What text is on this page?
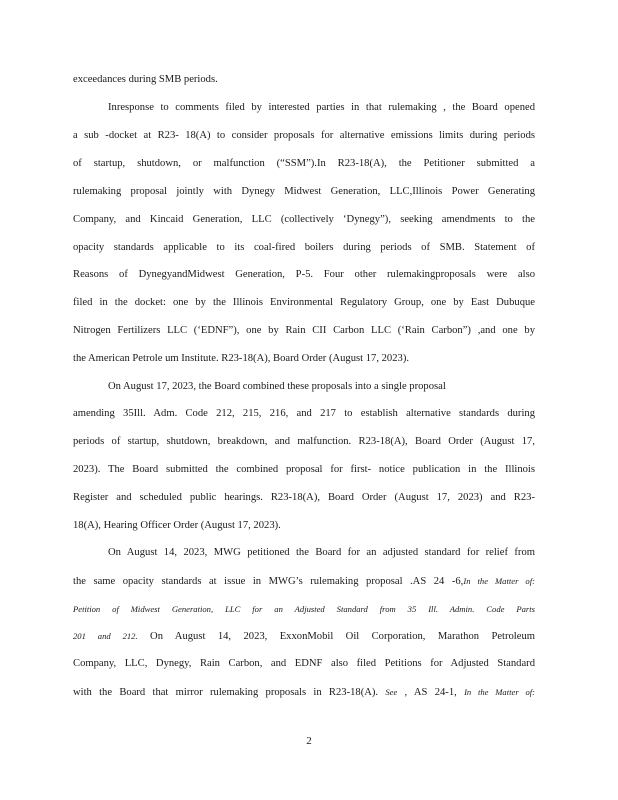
exceedances during SMB periods.
Inresponse to comments filed by interested parties in that rulemaking , the Board opened
a sub -docket at R23- 18(A) to consider proposals for alternative emissions limits during periods
of startup, shutdown, or malfunction (“SSM”).In R23-18(A), the Petitioner submitted a
rulemaking proposal jointly with Dynegy Midwest Generation, LLC,Illinois Power Generating
Company, and Kincaid Generation, LLC (collectively ‘Dynegy”), seeking amendments to the
opacity standards applicable to its coal-fired boilers during periods of SMB. Statement of
Reasons of DynegyandMidwest Generation, P-5. Four other rulemakingproposals were also
filed in the docket: one by the Illinois Environmental Regulatory Group, one by East Dubuque
Nitrogen Fertilizers LLC (‘EDNF”), one by Rain CII Carbon LLC (‘Rain Carbon”) ,and one by
the American Petrole um Institute. R23-18(A), Board Order (August 17, 2023).
On August 17, 2023, the Board combined these proposals into a single proposal
amending 35Ill. Adm. Code 212, 215, 216, and 217 to establish alternative standards during
periods of startup, shutdown, breakdown, and malfunction. R23-18(A), Board Order (August 17,
2023). The Board submitted the combined proposal for first- notice publication in the Illinois
Register and scheduled public hearings. R23-18(A), Board Order (August 17, 2023) and R23-
18(A), Hearing Officer Order (August 17, 2023).
On August 14, 2023, MWG petitioned the Board for an adjusted standard for relief from
the same opacity standards at issue in MWG’s rulemaking proposal .AS 24 -6,In the Matter of:
Petition of Midwest Generation, LLC for an Adjusted Standard from 35 Ill. Admin. Code Parts
201 and 212. On August 14, 2023, ExxonMobil Oil Corporation, Marathon Petroleum
Company, LLC, Dynegy, Rain Carbon, and EDNF also filed Petitions for Adjusted Standard
with the Board that mirror rulemaking proposals in R23-18(A). See , AS 24-1, In the Matter of:
2
